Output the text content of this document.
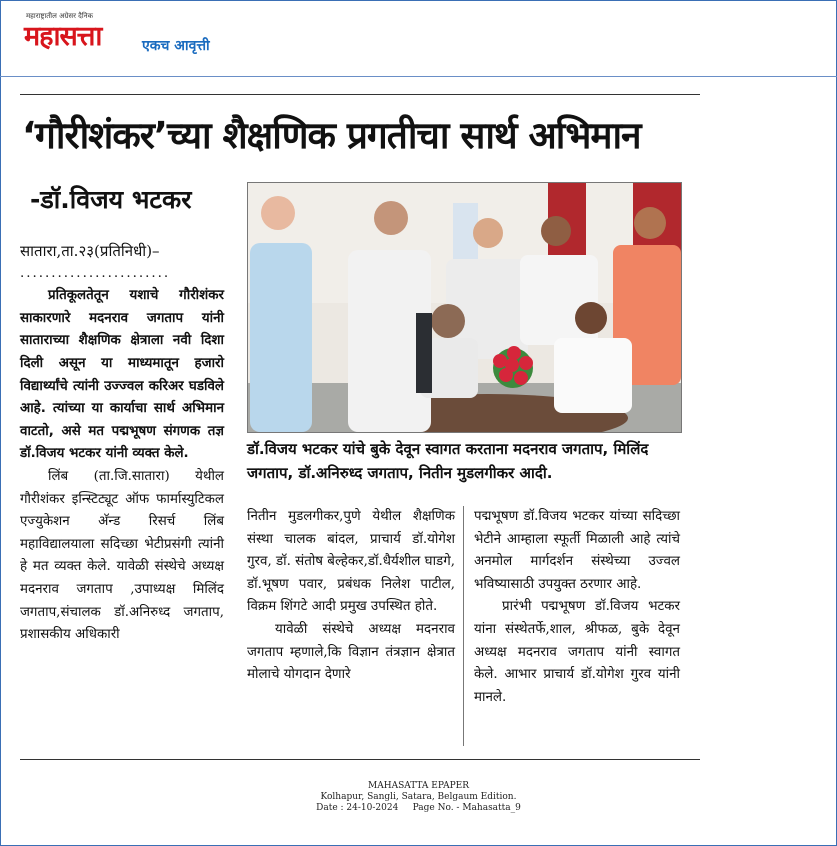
महाराष्ट्रातील अग्रेसर दैनिक
महासत्ता	एकच आवृत्ती
‘गौरीशंकर’च्या शैक्षणिक प्रगतीचा सार्थ अभिमान
-डॉ.विजय भटकर

सातारा,ता.२३(प्रतिनिधी)–

........................

प्रतिकूलतेतून यशाचे गौरीशंकर साकारणारे मदनराव जगताप यांनी साताराच्या शैक्षणिक क्षेत्राला नवी दिशा दिली असून या माध्यमातून हजारो विद्यार्थ्यांचे त्यांनी उज्ज्वल करिअर घडविले आहे. त्यांच्या या कार्याचा सार्थ अभिमान वाटतो, असे मत पद्मभूषण संगणक तज्ञ डॉ.विजय भटकर यांनी व्यक्त केले.

लिंब (ता.जि.सातारा) येथील गौरीशंकर इन्स्टिट्यूट ऑफ फार्मास्युटिकल एज्युकेशन अ‍ॅन्ड रिसर्च लिंब महाविद्यालयाला सदिच्छा भेटीप्रसंगी त्यांनी हे मत व्यक्त केले. यावेळी संस्थेचे अध्यक्ष मदनराव जगताप ,उपाध्यक्ष मिलिंद जगताप,संचालक डॉ.अनिरुध्द जगताप, प्रशासकीय अधिकारी

डॉ.विजय भटकर यांचे बुके देवून स्वागत करताना मदनराव जगताप, मिलिंद जगताप, डॉ.अनिरुध्द जगताप, नितीन मुडलगीकर आदी.

नितीन मुडलगीकर,पुणे येथील शैक्षणिक संस्था चालक बांदल, प्राचार्य डॉ.योगेश गुरव, डॉ. संतोष बेल्हेकर,डॉ.धैर्यशील घाडगे, डॉ.भूषण पवार, प्रबंधक निलेश पाटील, विक्रम शिंगटे आदी प्रमुख उपस्थित होते.

यावेळी संस्थेचे अध्यक्ष मदनराव जगताप म्हणाले,कि विज्ञान तंत्रज्ञान क्षेत्रात मोलाचे योगदान देणारे

पद्मभूषण डॉ.विजय भटकर यांच्या सदिच्छा भेटीने आम्हाला स्फूर्ती मिळाली आहे त्यांचे अनमोल मार्गदर्शन संस्थेच्या उज्वल भविष्यासाठी उपयुक्त ठरणार आहे.

प्रारंभी पद्मभूषण डॉ.विजय भटकर यांना संस्थेतर्फे,शाल, श्रीफळ, बुके देवून अध्यक्ष मदनराव जगताप यांनी स्वागत केले. आभार प्राचार्य डॉ.योगेश गुरव यांनी मानले.

MAHASATTA EPAPER
Kolhapur, Sangli, Satara, Belgaum Edition.
Date : 24-10-2024     Page No. - Mahasatta_9
